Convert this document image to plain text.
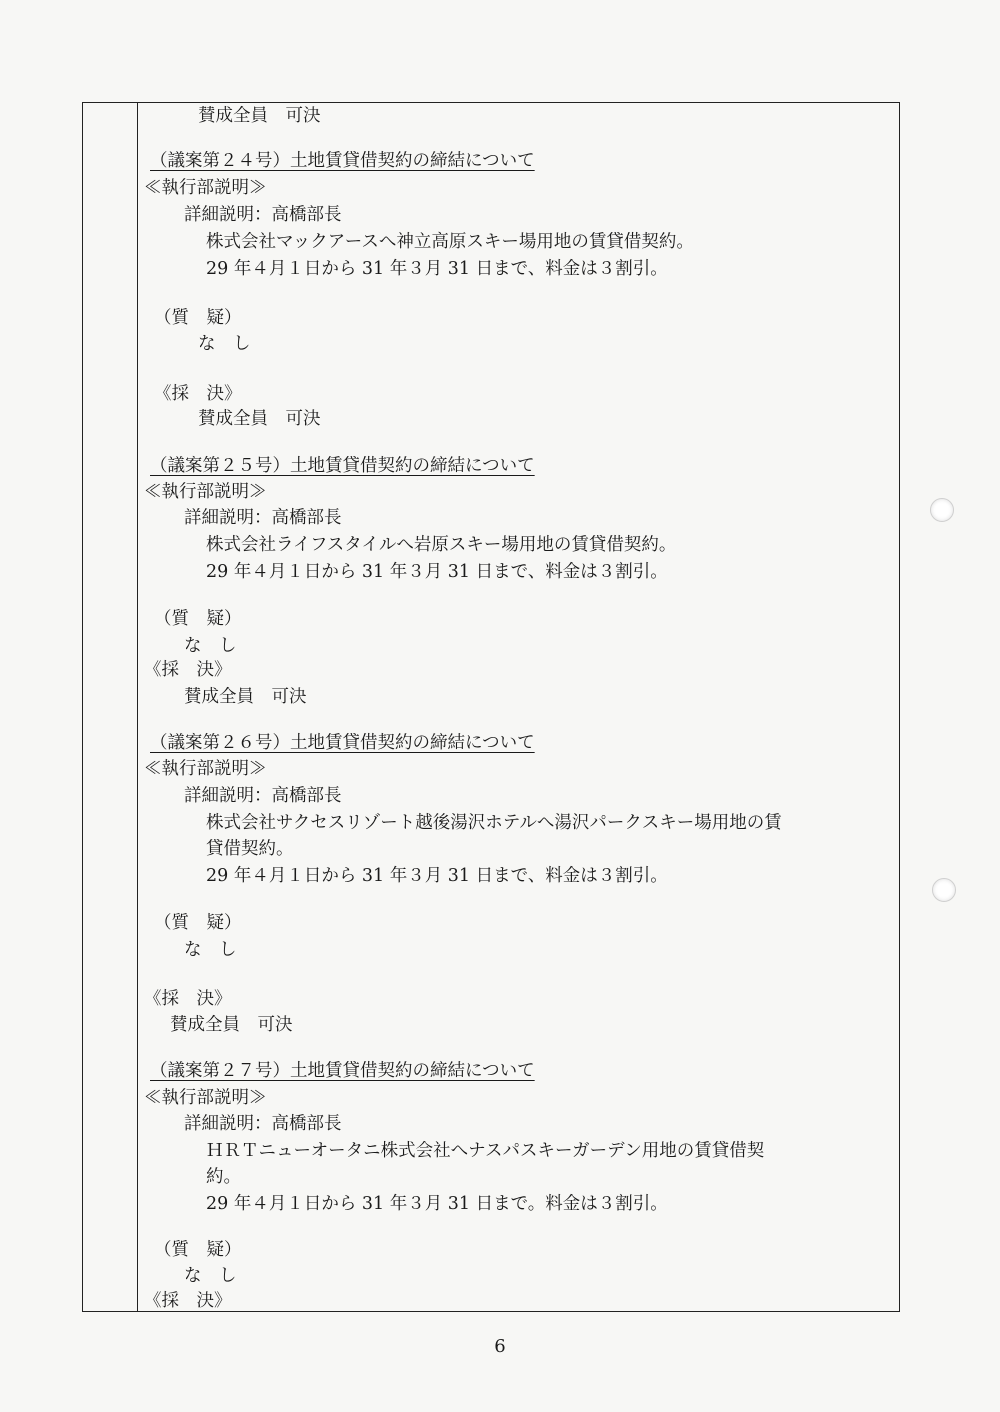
賛成全員　可決
（議案第２４号）土地賃貸借契約の締結について
≪執行部説明≫
詳細説明：高橋部長
株式会社マックアースへ神立高原スキー場用地の賃貸借契約。
29 年４月１日から 31 年３月 31 日まで、料金は３割引。
（質　疑）
な　し
《採　決》
賛成全員　可決
（議案第２５号）土地賃貸借契約の締結について
≪執行部説明≫
詳細説明：高橋部長
株式会社ライフスタイルへ岩原スキー場用地の賃貸借契約。
29 年４月１日から 31 年３月 31 日まで、料金は３割引。
（質　疑）
な　し
《採　決》
賛成全員　可決
（議案第２６号）土地賃貸借契約の締結について
≪執行部説明≫
詳細説明：高橋部長
株式会社サクセスリゾート越後湯沢ホテルへ湯沢パークスキー場用地の賃
貸借契約。
29 年４月１日から 31 年３月 31 日まで、料金は３割引。
（質　疑）
な　し
《採　決》
賛成全員　可決
（議案第２７号）土地賃貸借契約の締結について
≪執行部説明≫
詳細説明：高橋部長
ＨＲＴニューオータニ株式会社へナスパスキーガーデン用地の賃貸借契
約。
29 年４月１日から 31 年３月 31 日まで。料金は３割引。
（質　疑）
な　し
《採　決》
6
